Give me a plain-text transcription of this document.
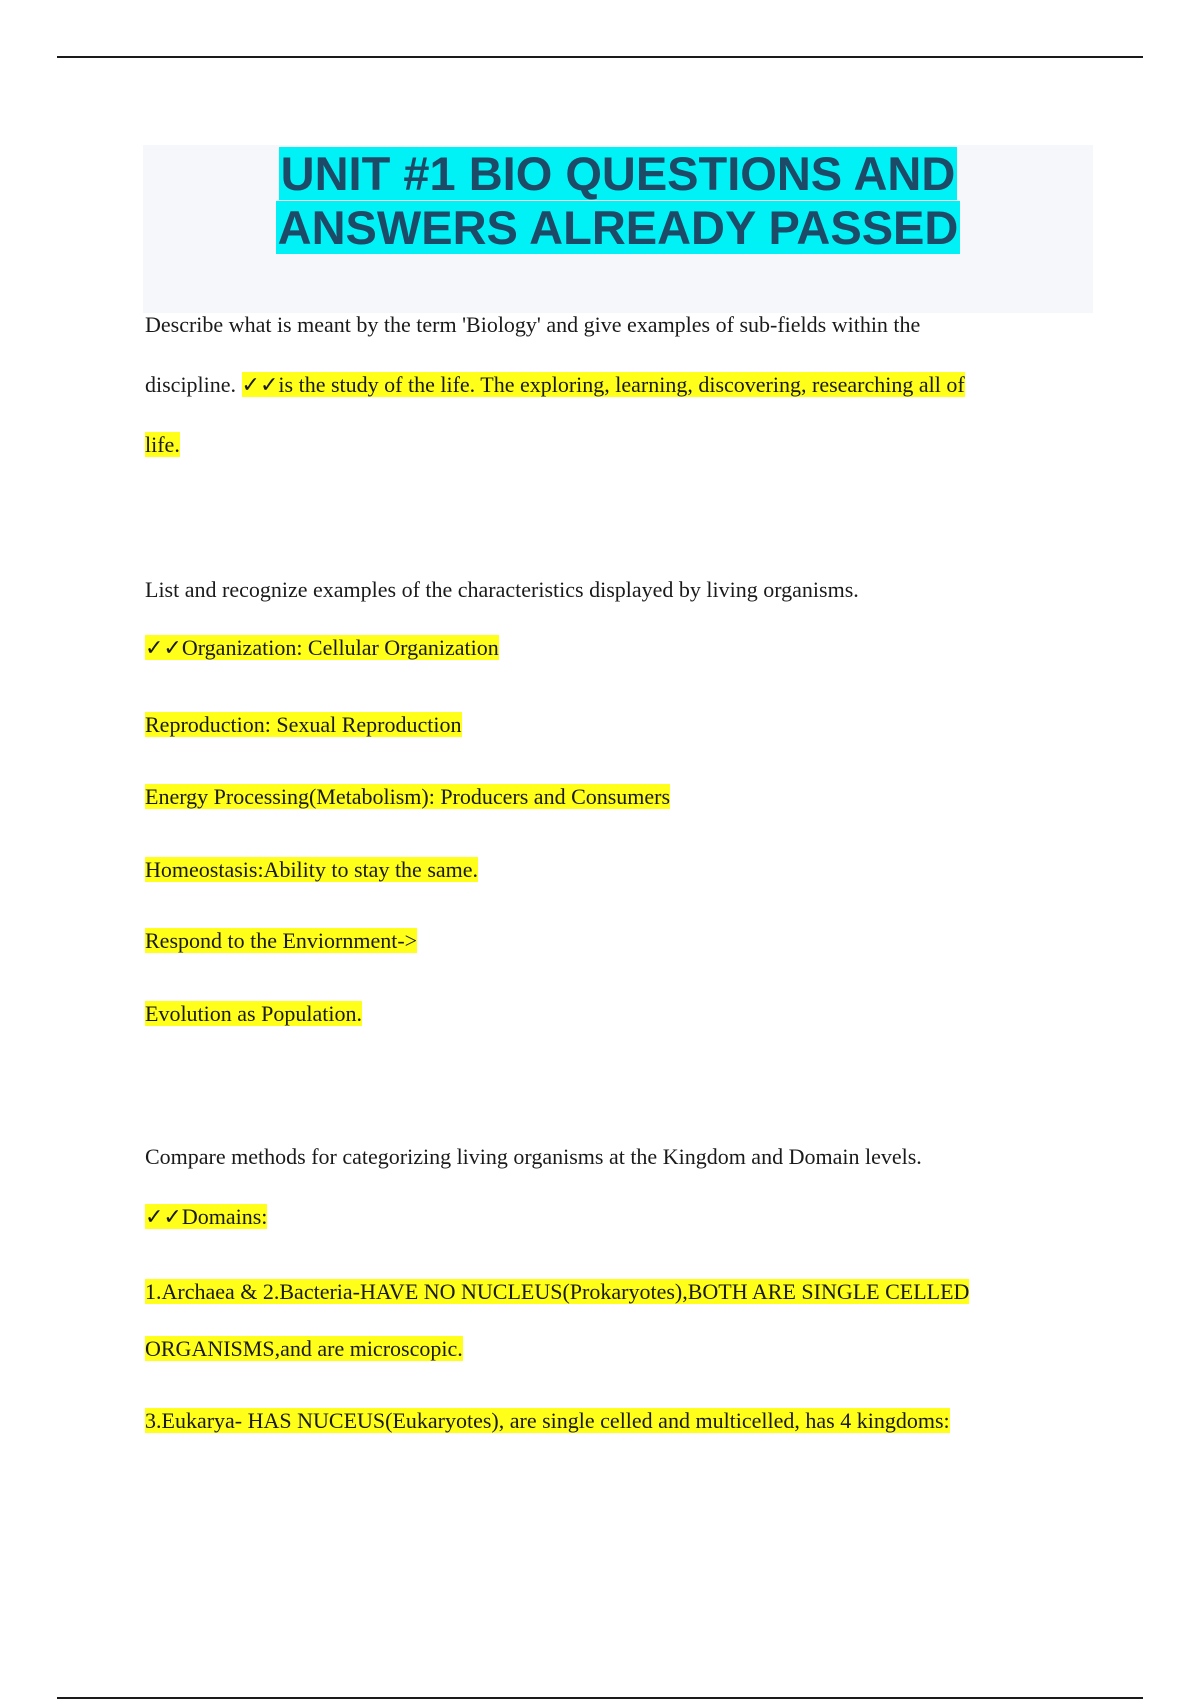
UNIT #1 BIO QUESTIONS AND
ANSWERS ALREADY PASSED
Describe what is meant by the term 'Biology' and give examples of sub-fields within the
discipline. ✓✓is the study of the life. The exploring, learning, discovering, researching all of
life.
List and recognize examples of the characteristics displayed by living organisms.
✓✓Organization: Cellular Organization
Reproduction: Sexual Reproduction
Energy Processing(Metabolism): Producers and Consumers
Homeostasis:Ability to stay the same.
Respond to the Enviornment->
Evolution as Population.
Compare methods for categorizing living organisms at the Kingdom and Domain levels.
✓✓Domains:
1.Archaea & 2.Bacteria-HAVE NO NUCLEUS(Prokaryotes),BOTH ARE SINGLE CELLED
ORGANISMS,and are microscopic.
3.Eukarya- HAS NUCEUS(Eukaryotes), are single celled and multicelled, has 4 kingdoms:
